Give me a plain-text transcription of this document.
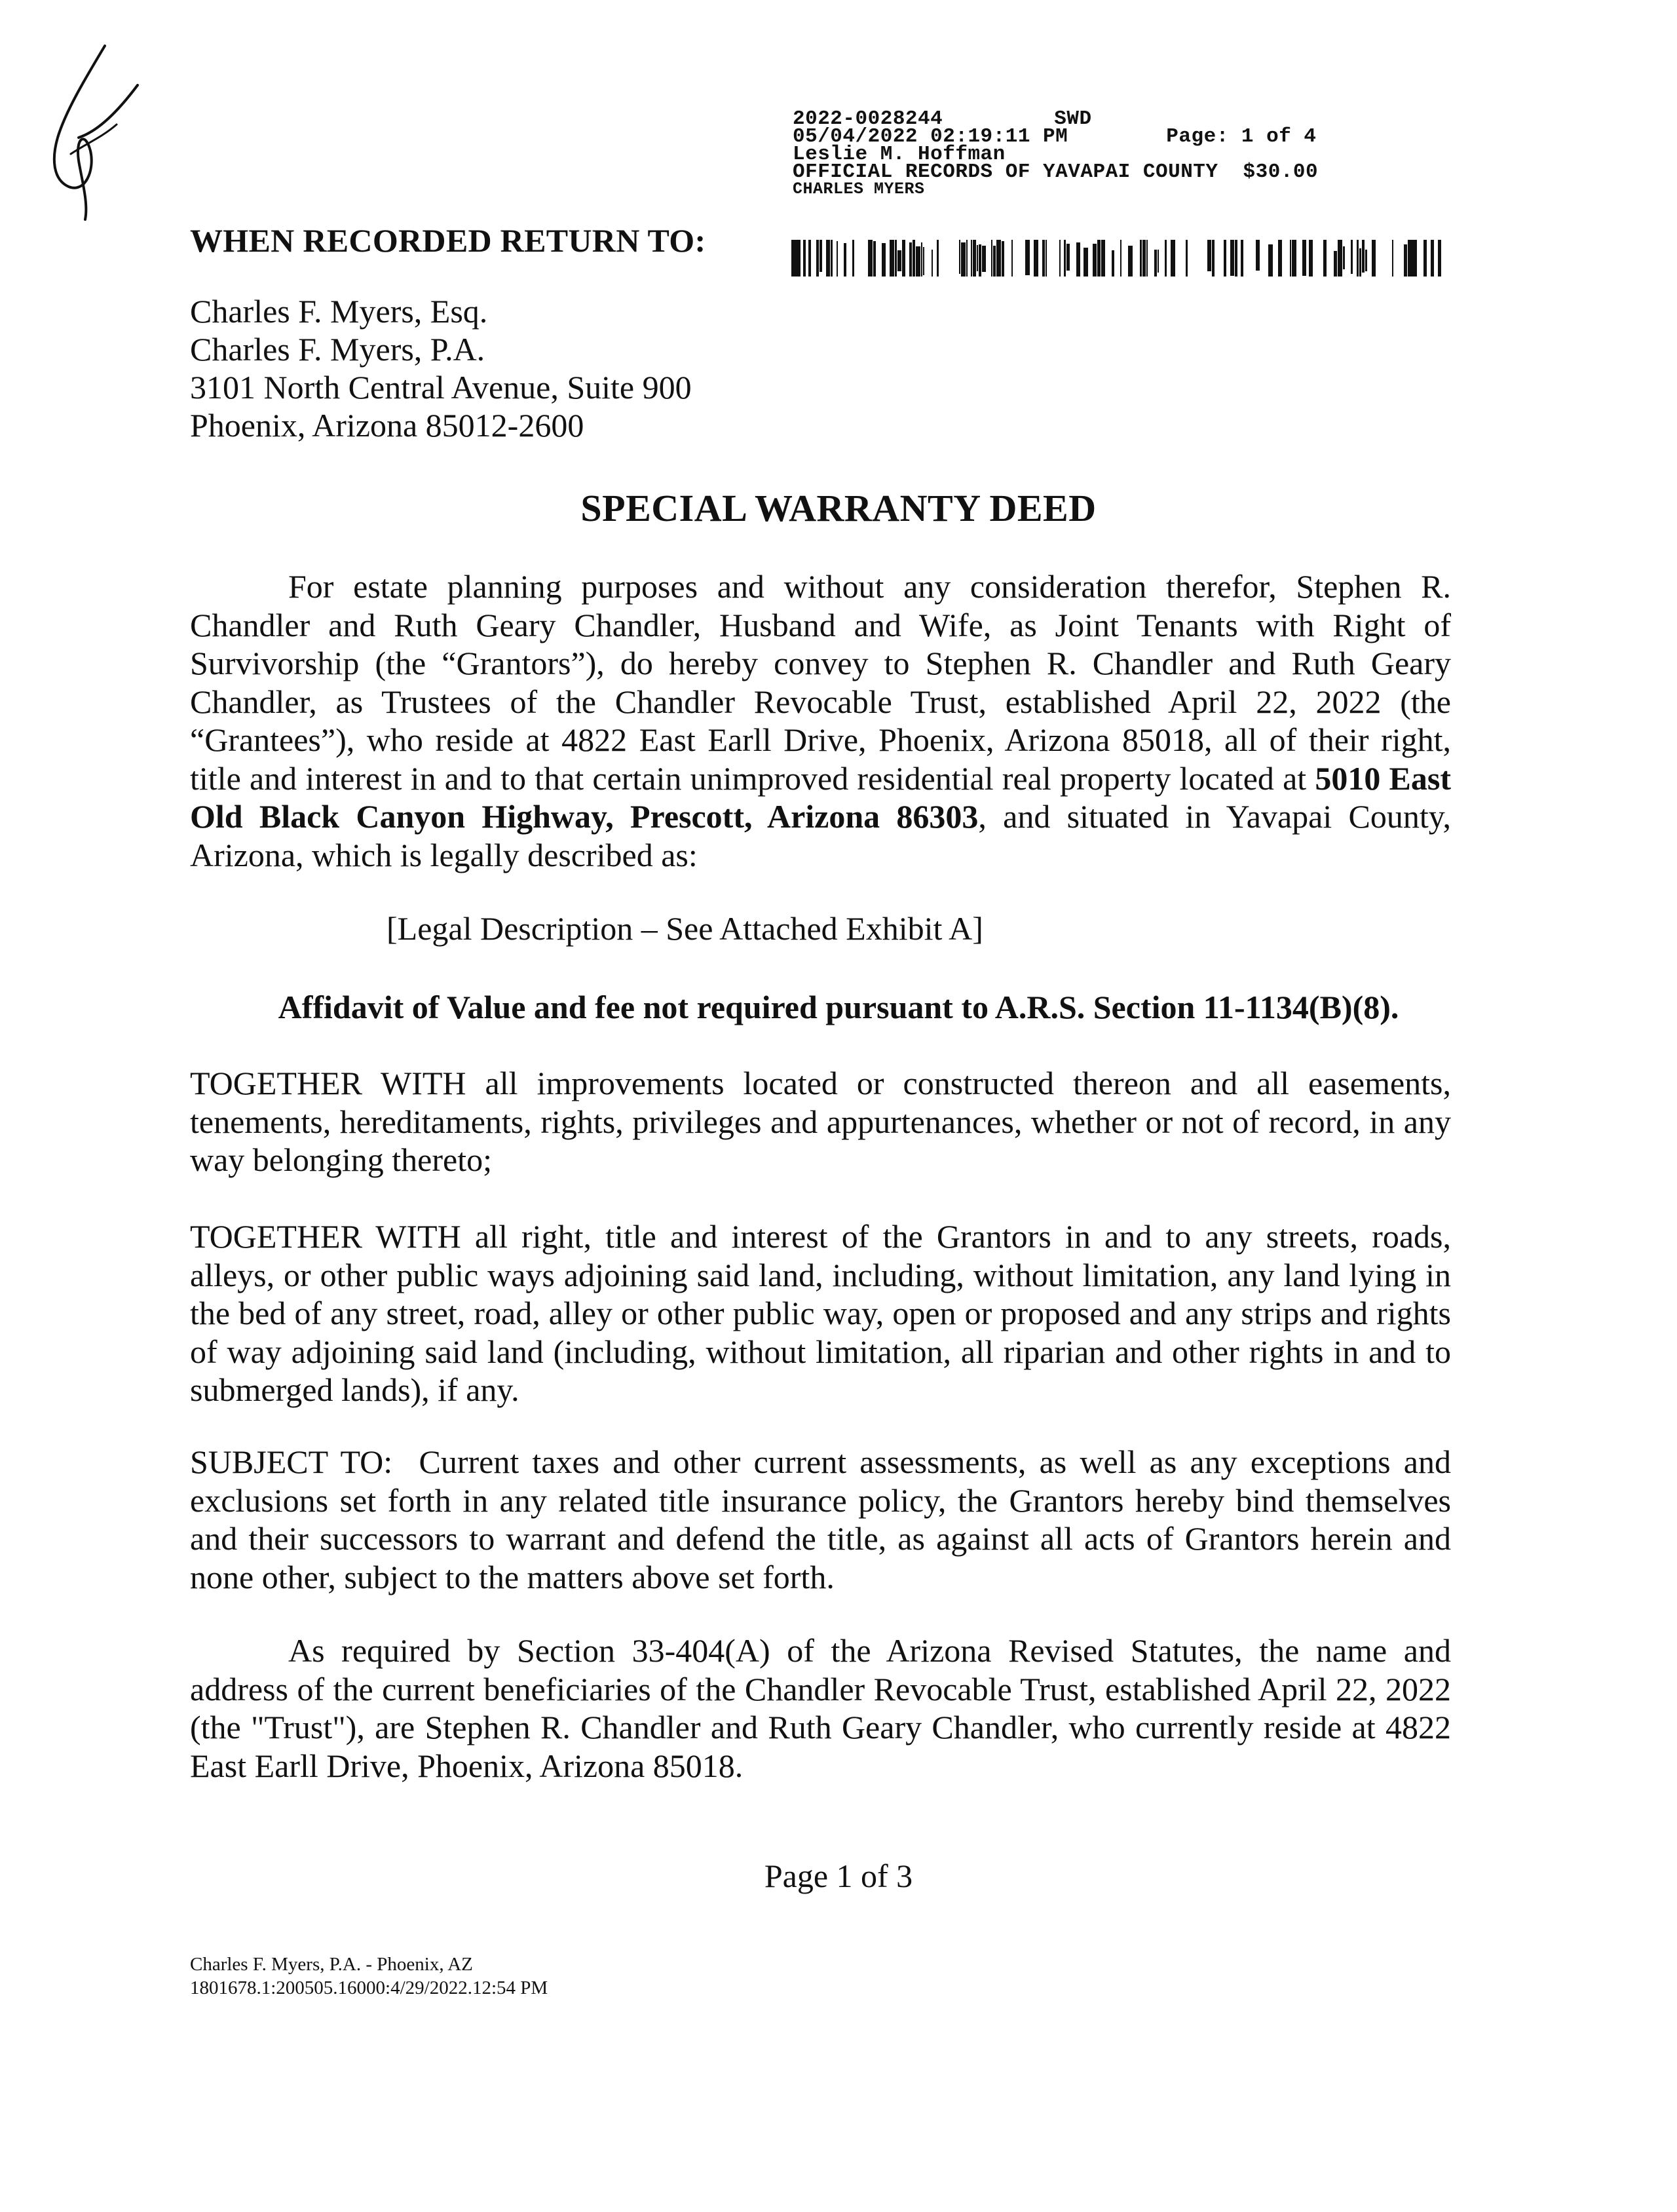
2022-0028244	SWD
05/04/2022 02:19:11 PM	Page: 1 of 4
Leslie M. Hoffman
OFFICIAL RECORDS OF YAVAPAI COUNTY $30.00
CHARLES MYERS
WHEN RECORDED RETURN TO:
Charles F. Myers, Esq.
Charles F. Myers, P.A.
3101 North Central Avenue, Suite 900
Phoenix, Arizona 85012-2600
SPECIAL WARRANTY DEED
For estate planning purposes and without any consideration therefor, Stephen R. Chandler and Ruth Geary Chandler, Husband and Wife, as Joint Tenants with Right of Survivorship (the “Grantors”), do hereby convey to Stephen R. Chandler and Ruth Geary Chandler, as Trustees of the Chandler Revocable Trust, established April 22, 2022 (the “Grantees”), who reside at 4822 East Earll Drive, Phoenix, Arizona 85018, all of their right, title and interest in and to that certain unimproved residential real property located at 5010 East Old Black Canyon Highway, Prescott, Arizona 86303, and situated in Yavapai County, Arizona, which is legally described as:
[Legal Description – See Attached Exhibit A]
Affidavit of Value and fee not required pursuant to A.R.S. Section 11-1134(B)(8).
TOGETHER WITH all improvements located or constructed thereon and all easements, tenements, hereditaments, rights, privileges and appurtenances, whether or not of record, in any way belonging thereto;
TOGETHER WITH all right, title and interest of the Grantors in and to any streets, roads, alleys, or other public ways adjoining said land, including, without limitation, any land lying in the bed of any street, road, alley or other public way, open or proposed and any strips and rights of way adjoining said land (including, without limitation, all riparian and other rights in and to submerged lands), if any.
SUBJECT TO:  Current taxes and other current assessments, as well as any exceptions and exclusions set forth in any related title insurance policy, the Grantors hereby bind themselves and their successors to warrant and defend the title, as against all acts of Grantors herein and none other, subject to the matters above set forth.
As required by Section 33-404(A) of the Arizona Revised Statutes, the name and address of the current beneficiaries of the Chandler Revocable Trust, established April 22, 2022 (the "Trust"), are Stephen R. Chandler and Ruth Geary Chandler, who currently reside at 4822 East Earll Drive, Phoenix, Arizona 85018.
Page 1 of 3
Charles F. Myers, P.A. - Phoenix, AZ
1801678.1:200505.16000:4/29/2022.12:54 PM
